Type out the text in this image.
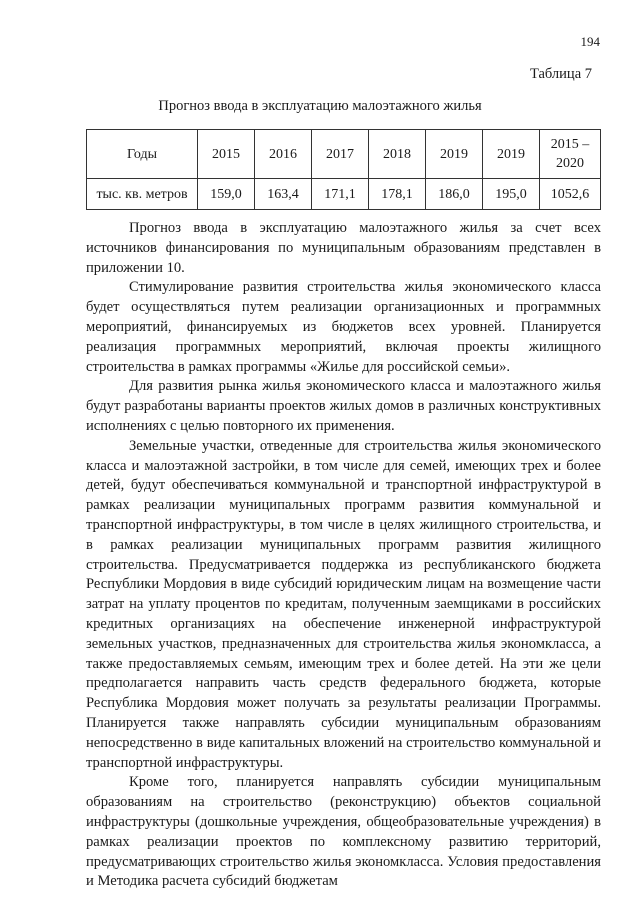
194
Таблица 7
Прогноз ввода в эксплуатацию малоэтажного жилья
Годы	2015	2016	2017	2018	2019	2019	2015 – 2020
тыс. кв. метров	159,0	163,4	171,1	178,1	186,0	195,0	1052,6

Прогноз ввода в эксплуатацию малоэтажного жилья за счет всех источников финансирования по муниципальным образованиям представлен в приложении 10.

Стимулирование развития строительства жилья экономического класса будет осуществляться путем реализации организационных и программных мероприятий, финансируемых из бюджетов всех уровней. Планируется реализация программных мероприятий, включая проекты жилищного строительства в рамках программы «Жилье для российской семьи».

Для развития рынка жилья экономического класса и малоэтажного жилья будут разработаны варианты проектов жилых домов в различных конструктивных исполнениях с целью повторного их применения.

Земельные участки, отведенные для строительства жилья экономического класса и малоэтажной застройки, в том числе для семей, имеющих трех и более детей, будут обеспечиваться коммунальной и транспортной инфраструктурой в рамках реализации муниципальных программ развития коммунальной и транспортной инфраструктуры, в том числе в целях жилищного строительства, и в рамках реализации муниципальных программ развития жилищного строительства. Предусматривается поддержка из республиканского бюджета Республики Мордовия в виде субсидий юридическим лицам на возмещение части затрат на уплату процентов по кредитам, полученным заемщиками в российских кредитных организациях на обеспечение инженерной инфраструктурой земельных участков, предназначенных для строительства жилья экономкласса, а также предоставляемых семьям, имеющим трех и более детей. На эти же цели предполагается направить часть средств федерального бюджета, которые Республика Мордовия может получать за результаты реализации Программы. Планируется также направлять субсидии муниципальным образованиям непосредственно в виде капитальных вложений на строительство коммунальной и транспортной инфраструктуры.

Кроме того, планируется направлять субсидии муниципальным образованиям на строительство (реконструкцию) объектов социальной инфраструктуры (дошкольные учреждения, общеобразовательные учреждения) в рамках реализации проектов по комплексному развитию территорий, предусматривающих строительство жилья экономкласса. Условия предоставления и Методика расчета субсидий бюджетам
